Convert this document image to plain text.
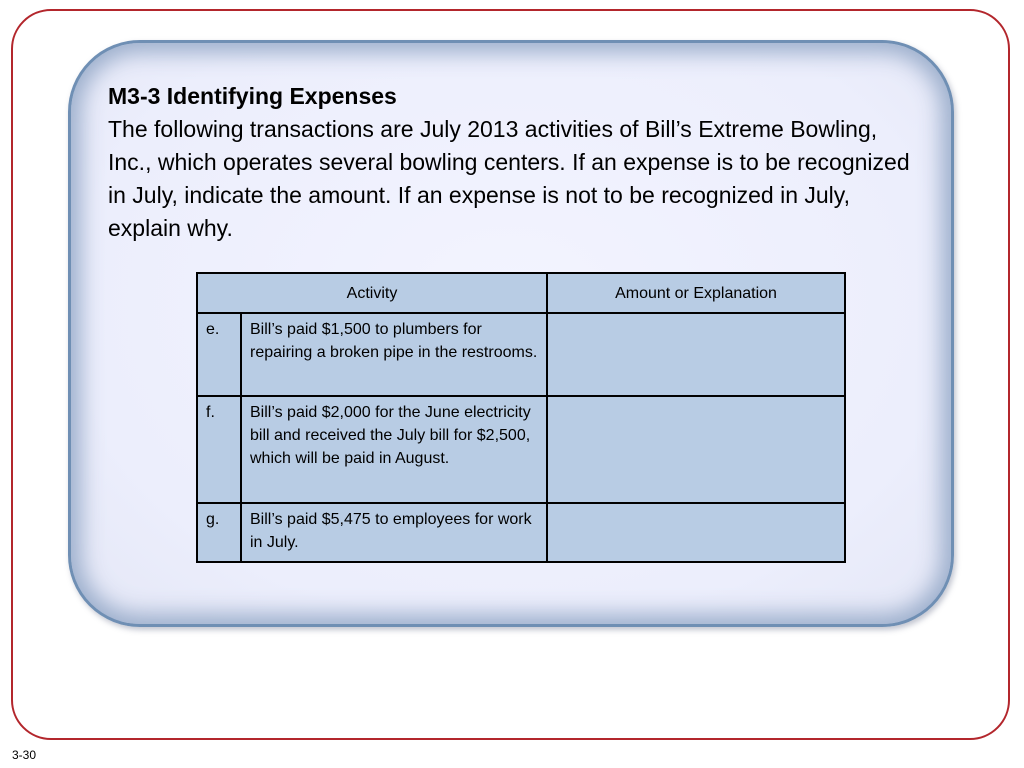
M3-3 Identifying Expenses
The following transactions are July 2013 activities of Bill’s Extreme Bowling, Inc., which operates several bowling centers. If an expense is to be recognized in July, indicate the amount. If an expense is not to be recognized in July, explain why.
Activity		Amount or Explanation
e.	Bill’s paid $1,500 to plumbers for repairing a broken pipe in the restrooms.	
f.	Bill’s paid $2,000 for the June electricity bill and received the July bill for $2,500, which will be paid in August.	
g.	Bill’s paid $5,475 to employees for work in July.	
3-30
